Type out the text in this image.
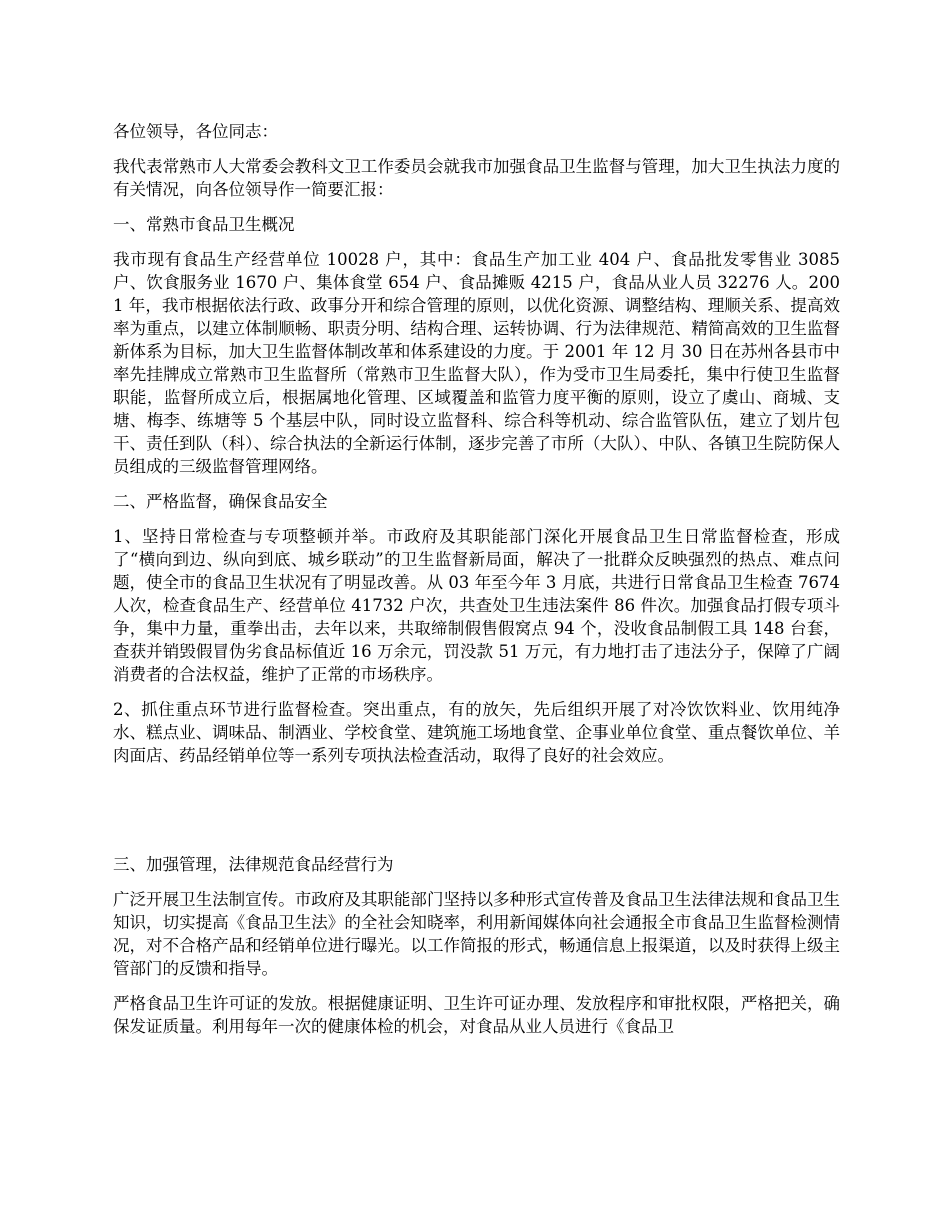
各位领导，各位同志：

我代表常熟市人大常委会教科文卫工作委员会就我市加强食品卫生监督与管理，加大卫生执法力度的有关情况，向各位领导作一简要汇报：

一、常熟市食品卫生概况

我市现有食品生产经营单位 10028 户，其中：食品生产加工业 404 户、食品批发零售业 3085 户、饮食服务业 1670 户、集体食堂 654 户、食品摊贩 4215 户，食品从业人员 32276 人。2001 年，我市根据依法行政、政事分开和综合管理的原则，以优化资源、调整结构、理顺关系、提高效率为重点，以建立体制顺畅、职责分明、结构合理、运转协调、行为法律规范、精简高效的卫生监督新体系为目标，加大卫生监督体制改革和体系建设的力度。于 2001 年 12 月 30 日在苏州各县市中率先挂牌成立常熟市卫生监督所（常熟市卫生监督大队），作为受市卫生局委托，集中行使卫生监督职能，监督所成立后，根据属地化管理、区域覆盖和监管力度平衡的原则，设立了虞山、商城、支塘、梅李、练塘等 5 个基层中队，同时设立监督科、综合科等机动、综合监管队伍，建立了划片包干、责任到队（科）、综合执法的全新运行体制，逐步完善了市所（大队）、中队、各镇卫生院防保人员组成的三级监督管理网络。

二、严格监督，确保食品安全

1、坚持日常检查与专项整顿并举。市政府及其职能部门深化开展食品卫生日常监督检查，形成了“横向到边、纵向到底、城乡联动”的卫生监督新局面，解决了一批群众反映强烈的热点、难点问题，使全市的食品卫生状况有了明显改善。从 03 年至今年 3 月底，共进行日常食品卫生检查 7674 人次，检查食品生产、经营单位 41732 户次，共查处卫生违法案件 86 件次。加强食品打假专项斗争，集中力量，重拳出击，去年以来，共取缔制假售假窝点 94 个，没收食品制假工具 148 台套，查获并销毁假冒伪劣食品标值近 16 万余元，罚没款 51 万元，有力地打击了违法分子，保障了广阔消费者的合法权益，维护了正常的市场秩序。

2、抓住重点环节进行监督检查。突出重点，有的放矢，先后组织开展了对冷饮饮料业、饮用纯净水、糕点业、调味品、制酒业、学校食堂、建筑施工场地食堂、企事业单位食堂、重点餐饮单位、羊肉面店、药品经销单位等一系列专项执法检查活动，取得了良好的社会效应。

三、加强管理，法律规范食品经营行为

广泛开展卫生法制宣传。市政府及其职能部门坚持以多种形式宣传普及食品卫生法律法规和食品卫生知识，切实提高《食品卫生法》的全社会知晓率，利用新闻媒体向社会通报全市食品卫生监督检测情况，对不合格产品和经销单位进行曝光。以工作简报的形式，畅通信息上报渠道，以及时获得上级主管部门的反馈和指导。

严格食品卫生许可证的发放。根据健康证明、卫生许可证办理、发放程序和审批权限，严格把关，确保发证质量。利用每年一次的健康体检的机会，对食品从业人员进行《食品卫
